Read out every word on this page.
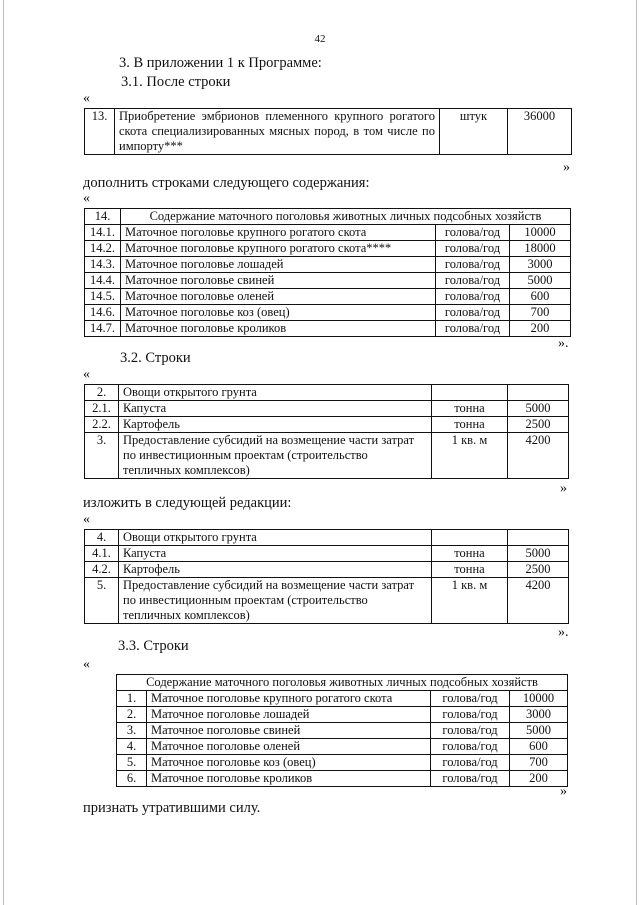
42
3. В приложении 1 к Программе:
3.1. После строки
«
13.	Приобретение эмбрионов племенного крупного рогатого скота специализированных мясных пород, в том числе по импорту***	штук	36000
»
дополнить строками следующего содержания:
«
14.	Содержание маточного поголовья животных личных подсобных хозяйств		
14.1.	Маточное поголовье крупного рогатого скота	голова/год	10000
14.2.	Маточное поголовье крупного рогатого скота****	голова/год	18000
14.3.	Маточное поголовье лошадей	голова/год	3000
14.4.	Маточное поголовье свиней	голова/год	5000
14.5.	Маточное поголовье оленей	голова/год	600
14.6.	Маточное поголовье коз (овец)	голова/год	700
14.7.	Маточное поголовье кроликов	голова/год	200
».
3.2. Строки
«
2.	Овощи открытого грунта		
2.1.	Капуста	тонна	5000
2.2.	Картофель	тонна	2500
3.	Предоставление субсидий на возмещение части затрат по инвестиционным проектам (строительство тепличных комплексов)	1 кв. м	4200
»
изложить в следующей редакции:
«
4.	Овощи открытого грунта		
4.1.	Капуста	тонна	5000
4.2.	Картофель	тонна	2500
5.	Предоставление субсидий на возмещение части затрат по инвестиционным проектам (строительство тепличных комплексов)	1 кв. м	4200
».
3.3. Строки
«
Содержание маточного поголовья животных личных подсобных хозяйств			
1.	Маточное поголовье крупного рогатого скота	голова/год	10000
2.	Маточное поголовье лошадей	голова/год	3000
3.	Маточное поголовье свиней	голова/год	5000
4.	Маточное поголовье оленей	голова/год	600
5.	Маточное поголовье коз (овец)	голова/год	700
6.	Маточное поголовье кроликов	голова/год	200
»
признать утратившими силу.
